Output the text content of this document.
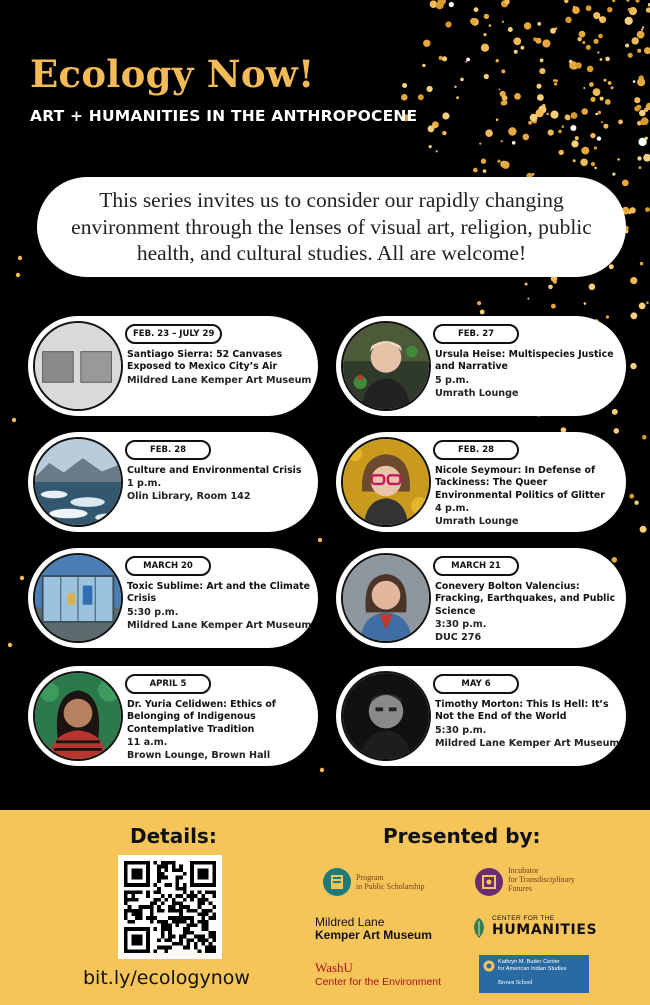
Ecology Now!
ART + HUMANITIES IN THE ANTHROPOCENE
This series invites us to consider our rapidly changing environment through the lenses of visual art, religion, public health, and cultural studies. All are welcome!
FEB. 23 – JULY 29
Santiago Sierra: 52 Canvases Exposed to Mexico City’s Air
Mildred Lane Kemper Art Museum
FEB. 27
Ursula Heise: Multispecies Justice and Narrative
5 p.m.
Umrath Lounge
FEB. 28
Culture and Environmental Crisis
1 p.m.
Olin Library, Room 142
FEB. 28
Nicole Seymour: In Defense of Tackiness: The Queer Environmental Politics of Glitter
4 p.m.
Umrath Lounge
MARCH 20
Toxic Sublime: Art and the Climate Crisis
5:30 p.m.
Mildred Lane Kemper Art Museum
MARCH 21
Conevery Bolton Valencius: Fracking, Earthquakes, and Public Science
3:30 p.m.
DUC 276
APRIL 5
Dr. Yuria Celidwen: Ethics of Belonging of Indigenous Contemplative Tradition
11 a.m.
Brown Lounge, Brown Hall
MAY 6
Timothy Morton: This Is Hell: It’s Not the End of the World
5:30 p.m.
Mildred Lane Kemper Art Museum
Details:
bit.ly/ecologynow
Presented by:
Program
in Public Scholarship
Incubator
for Transdisciplinary
Futures
Mildred Lane
Kemper Art Museum
CENTER FOR THE
HUMANITIES
WashU
Center for the Environment
Kathryn M. Buder Center
for American Indian Studies
Brown School
